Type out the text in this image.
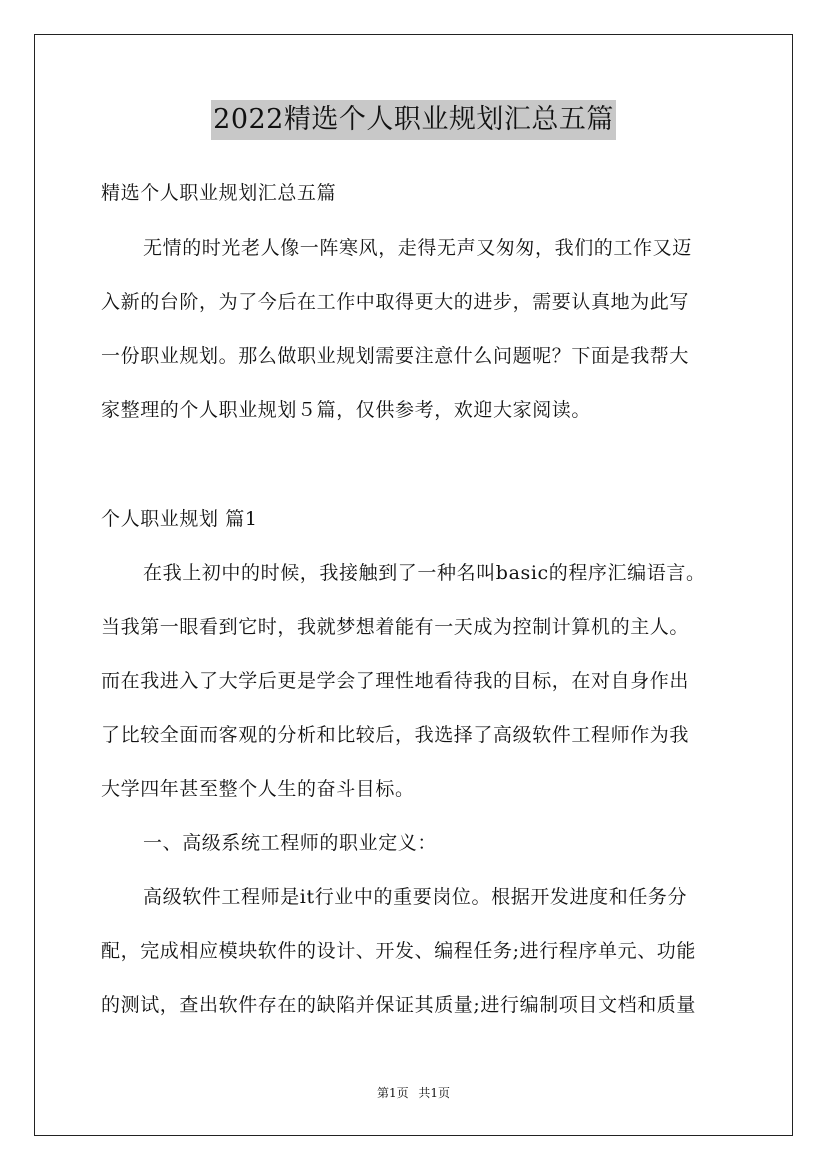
2022精选个人职业规划汇总五篇
精选个人职业规划汇总五篇
无情的时光老人像一阵寒风，走得无声又匆匆，我们的工作又迈
入新的台阶，为了今后在工作中取得更大的进步，需要认真地为此写
一份职业规划。那么做职业规划需要注意什么问题呢？下面是我帮大
家整理的个人职业规划５篇，仅供参考，欢迎大家阅读。
个人职业规划 篇1
在我上初中的时候，我接触到了一种名叫basic的程序汇编语言。
当我第一眼看到它时，我就梦想着能有一天成为控制计算机的主人。
而在我进入了大学后更是学会了理性地看待我的目标，在对自身作出
了比较全面而客观的分析和比较后，我选择了高级软件工程师作为我
大学四年甚至整个人生的奋斗目标。
一、高级系统工程师的职业定义：
高级软件工程师是it行业中的重要岗位。根据开发进度和任务分
配，完成相应模块软件的设计、开发、编程任务;进行程序单元、功能
的测试，查出软件存在的缺陷并保证其质量;进行编制项目文档和质量
第1页 共1页
